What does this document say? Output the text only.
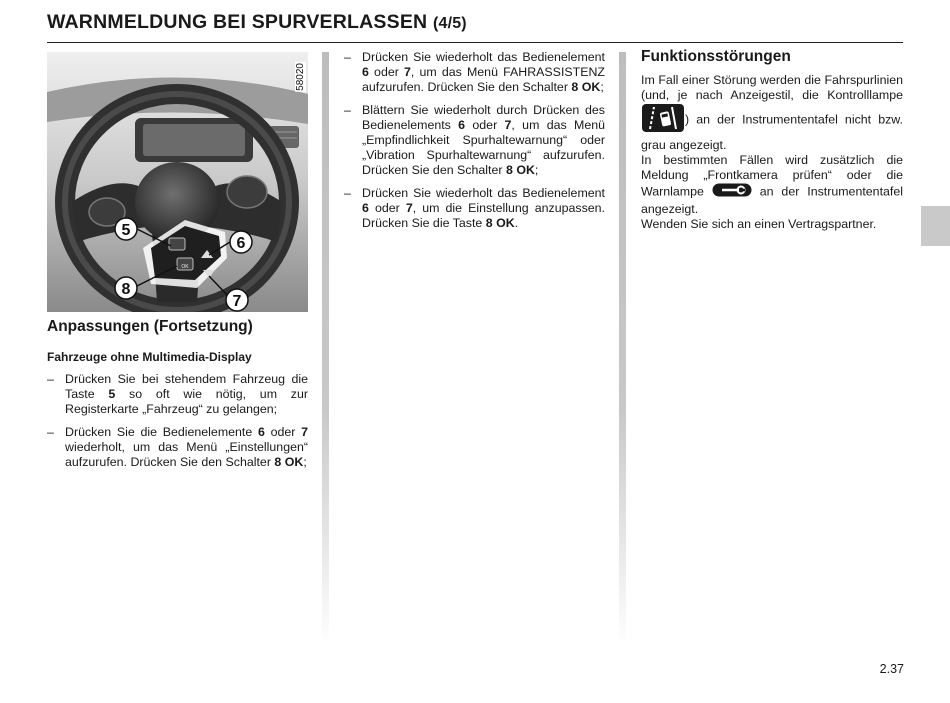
WARNMELDUNG BEI SPURVERLASSEN (4/5)
5
6
7
8
OK
58020
Anpassungen (Fortsetzung)
Fahrzeuge ohne Multimedia-Display
– Drücken Sie bei stehendem Fahrzeug die Taste 5 so oft wie nötig, um zur Registerkarte „Fahrzeug“ zu gelangen;
– Drücken Sie die Bedienelemente 6 oder 7 wiederholt, um das Menü „Einstellungen“ aufzurufen. Drücken Sie den Schalter 8 OK;
– Drücken Sie wiederholt das Bedienelement 6 oder 7, um das Menü FAHRASSISTENZ aufzurufen. Drücken Sie den Schalter 8 OK;
– Blättern Sie wiederholt durch Drücken des Bedienelements 6 oder 7, um das Menü „Empfindlichkeit Spurhaltewarnung“ oder „Vibration Spurhaltewarnung“ aufzurufen. Drücken Sie den Schalter 8 OK;
– Drücken Sie wiederholt das Bedienelement 6 oder 7, um die Einstellung anzupassen. Drücken Sie die Taste 8 OK.
Funktionsstörungen

Im Fall einer Störung werden die Fahrspurlinien (und, je nach Anzeigestil, die Kontrolllampe ) an der Instrumententafel nicht bzw. grau angezeigt.

In bestimmten Fällen wird zusätzlich die Meldung „Frontkamera prüfen“ oder die Warnlampe	an der Instrumententafel angezeigt.
Wenden Sie sich an einen Vertragspartner.

2.37
